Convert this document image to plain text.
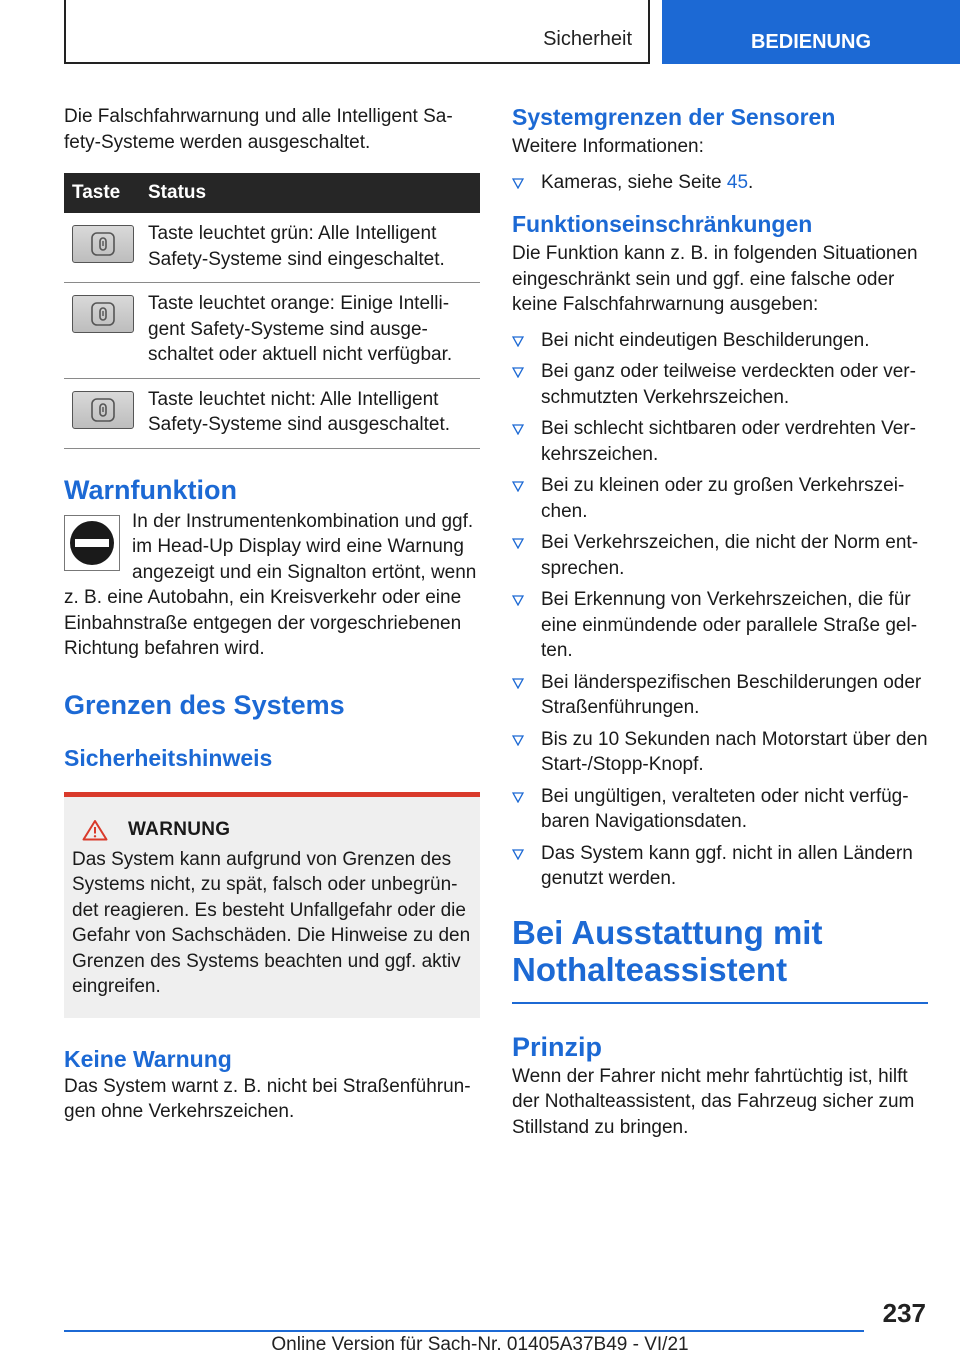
Sicherheit	BEDIENUNG

Die Falschfahrwarnung und alle Intelligent Safety-Systeme werden ausgeschaltet.

Taste	Status

	Taste leuchtet grün: Alle Intelligent Safety-Systeme sind eingeschaltet.

	Taste leuchtet orange: Einige Intelligent Safety-Systeme sind ausgeschaltet oder aktuell nicht verfügbar.

	Taste leuchtet nicht: Alle Intelligent Safety-Systeme sind ausgeschaltet.
Warnfunktion

In der Instrumentenkombination und ggf. im Head-Up Display wird eine Warnung angezeigt und ein Signalton ertönt, wenn z. B. eine Autobahn, ein Kreisverkehr oder eine Einbahnstraße entgegen der vorgeschriebenen Richtung befahren wird.

Grenzen des Systems
Sicherheitshinweis
WARNUNG

Das System kann aufgrund von Grenzen des Systems nicht, zu spät, falsch oder unbegründet reagieren. Es besteht Unfallgefahr oder die Gefahr von Sachschäden. Die Hinweise zu den Grenzen des Systems beachten und ggf. aktiv eingreifen.

Keine Warnung

Das System warnt z. B. nicht bei Straßenführungen ohne Verkehrszeichen.

Systemgrenzen der Sensoren

Weitere Informationen:

Kameras, siehe Seite 45.
Funktionseinschränkungen

Die Funktion kann z. B. in folgenden Situationen eingeschränkt sein und ggf. eine falsche oder keine Falschfahrwarnung ausgeben:

Bei nicht eindeutigen Beschilderungen.
Bei ganz oder teilweise verdeckten oder verschmutzten Verkehrszeichen.
Bei schlecht sichtbaren oder verdrehten Verkehrszeichen.
Bei zu kleinen oder zu großen Verkehrszeichen.
Bei Verkehrszeichen, die nicht der Norm entsprechen.
Bei Erkennung von Verkehrszeichen, die für eine einmündende oder parallele Straße gelten.
Bei länderspezifischen Beschilderungen oder Straßenführungen.
Bis zu 10 Sekunden nach Motorstart über den Start-/Stopp-Knopf.
Bei ungültigen, veralteten oder nicht verfügbaren Navigationsdaten.
Das System kann ggf. nicht in allen Ländern genutzt werden.
Bei Ausstattung mit
Nothalteassistent
Prinzip

Wenn der Fahrer nicht mehr fahrtüchtig ist, hilft der Nothalteassistent, das Fahrzeug sicher zum Stillstand zu bringen.

237
Online Version für Sach-Nr. 01405A37B49 - VI/21
